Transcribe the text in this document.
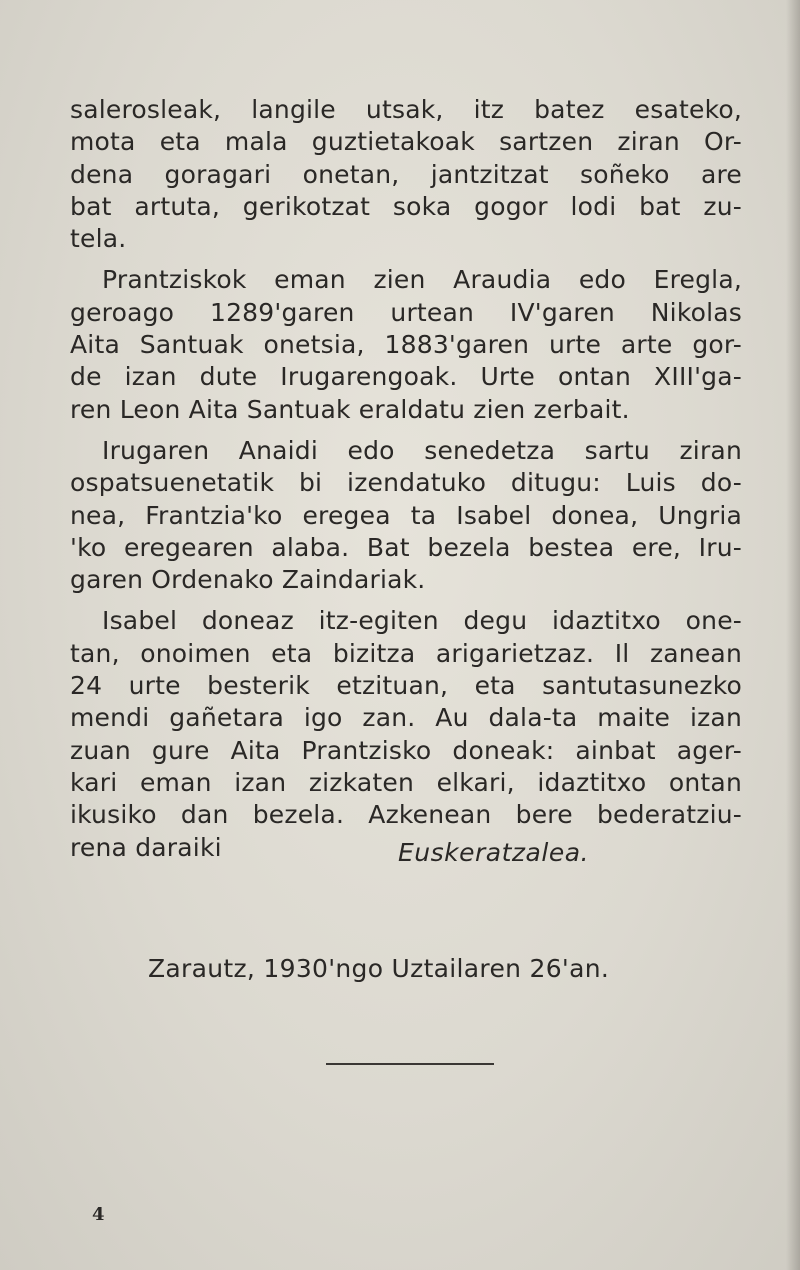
salerosleak, langile utsak, itz batez esateko,
mota eta mala guztietakoak sartzen ziran Or-
dena goragari onetan, jantzitzat soñeko are
bat artuta, gerikotzat soka gogor lodi bat zu-
tela.

Prantziskok eman zien Araudia edo Eregla,
geroago 1289'garen urtean IV'garen Nikolas
Aita Santuak onetsia, 1883'garen urte arte gor-
de izan dute Irugarengoak. Urte ontan XIII'ga-
ren Leon Aita Santuak eraldatu zien zerbait.

Irugaren Anaidi edo senedetza sartu ziran
ospatsuenetatik bi izendatuko ditugu: Luis do-
nea, Frantzia'ko eregea ta Isabel donea, Ungria
'ko eregearen alaba. Bat bezela bestea ere, Iru-
garen Ordenako Zaindariak.

Isabel doneaz itz-egiten degu idaztitxo one-
tan, onoimen eta bizitza arigarietzaz. Il zanean
24 urte besterik etzituan, eta santutasunezko
mendi gañetara igo zan. Au dala-ta maite izan
zuan gure Aita Prantzisko doneak: ainbat ager-
kari eman izan zizkaten elkari, idaztitxo ontan
ikusiko dan bezela. Azkenean bere bederatziu-
rena daraiki	Euskeratzalea.
Zarautz, 1930'ngo Uztailaren 26'an.
4
